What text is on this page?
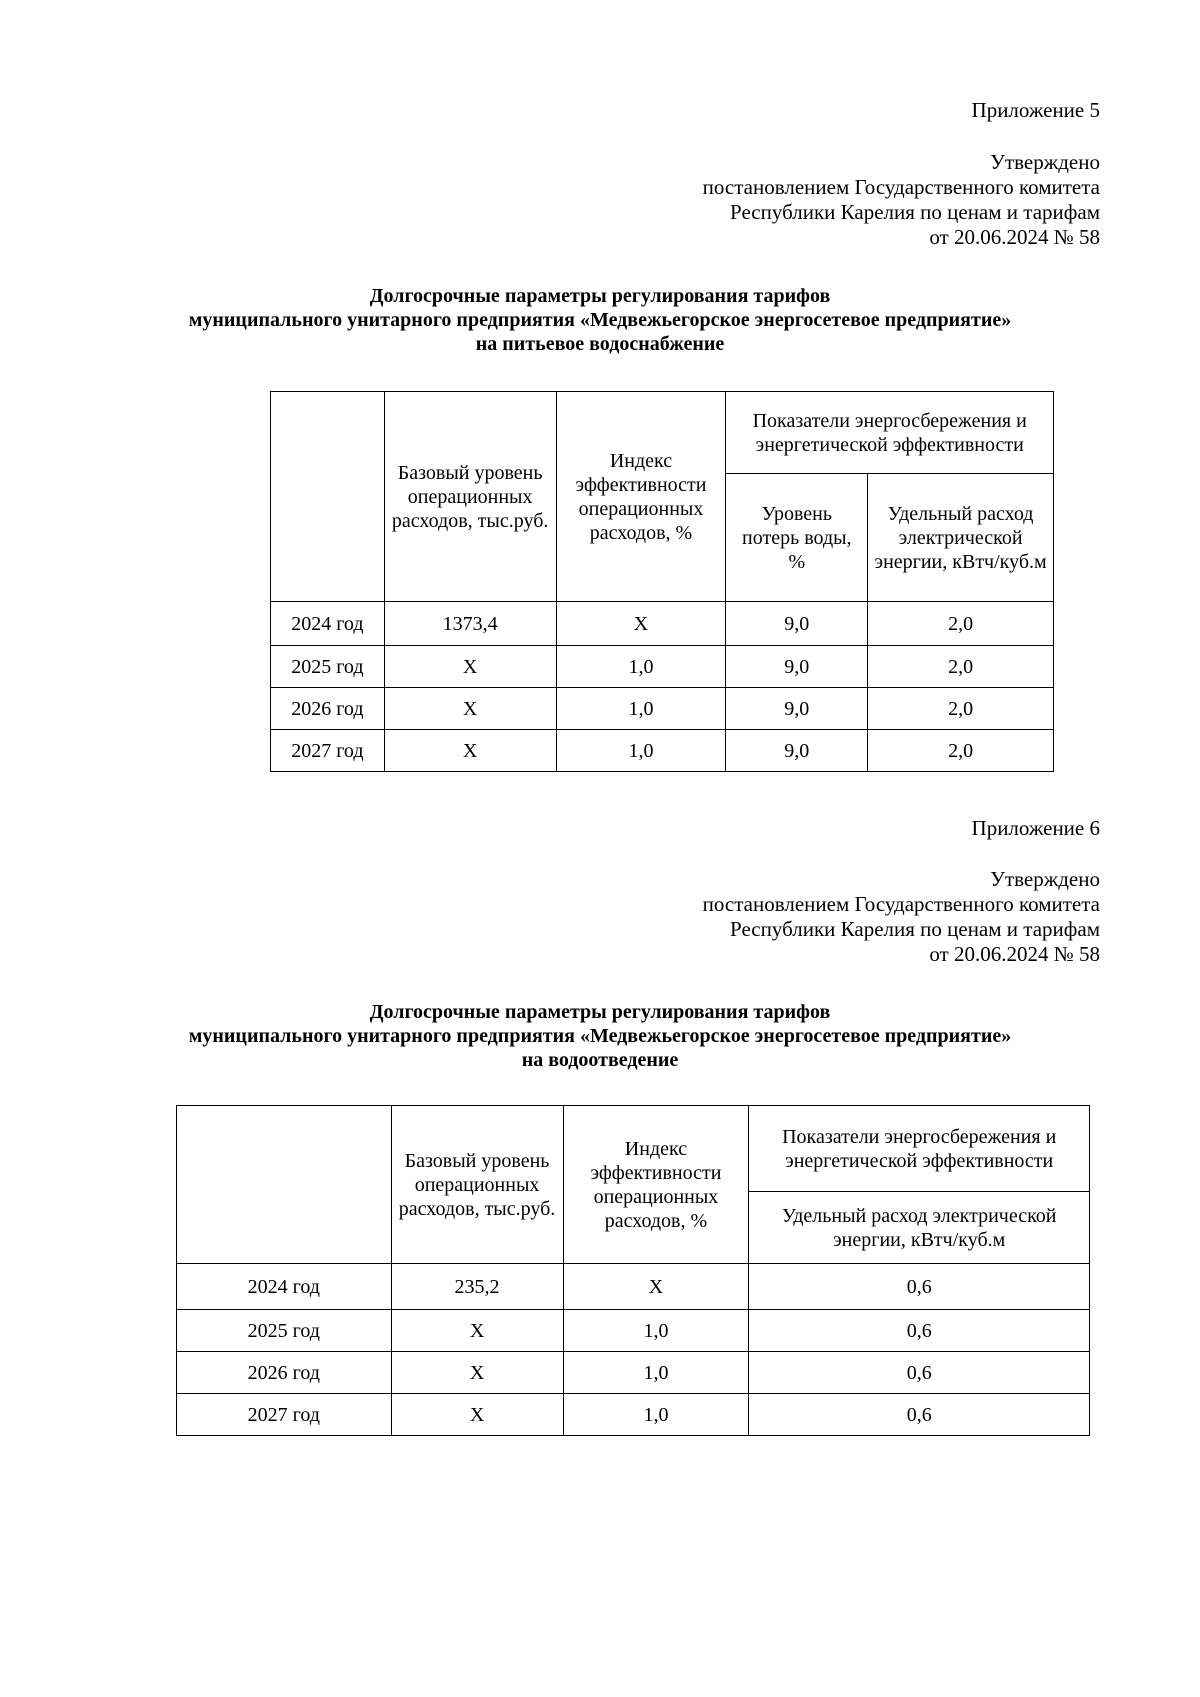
Приложение 5
Утверждено
постановлением Государственного комитета
Республики Карелия по ценам и тарифам
от 20.06.2024 № 58
Долгосрочные параметры регулирования тарифов
муниципального унитарного предприятия «Медвежьегорское энергосетевое предприятие»
на питьевое водоснабжение
	Базовый уровень операционных расходов, тыс.руб.	Индекс эффективности операционных расходов, %	Показатели энергосбережения и энергетической эффективности	
			Уровень потерь воды, %	Удельный расход электрической энергии, кВтч/куб.м
2024 год	1373,4	Х	9,0	2,0
2025 год	Х	1,0	9,0	2,0
2026 год	Х	1,0	9,0	2,0
2027 год	Х	1,0	9,0	2,0
Приложение 6
Утверждено
постановлением Государственного комитета
Республики Карелия по ценам и тарифам
от 20.06.2024 № 58
Долгосрочные параметры регулирования тарифов
муниципального унитарного предприятия «Медвежьегорское энергосетевое предприятие»
на водоотведение
	Базовый уровень операционных расходов, тыс.руб.	Индекс эффективности операционных расходов, %	Показатели энергосбережения и энергетической эффективности
			Удельный расход электрической энергии, кВтч/куб.м
2024 год	235,2	Х	0,6
2025 год	Х	1,0	0,6
2026 год	Х	1,0	0,6
2027 год	Х	1,0	0,6
